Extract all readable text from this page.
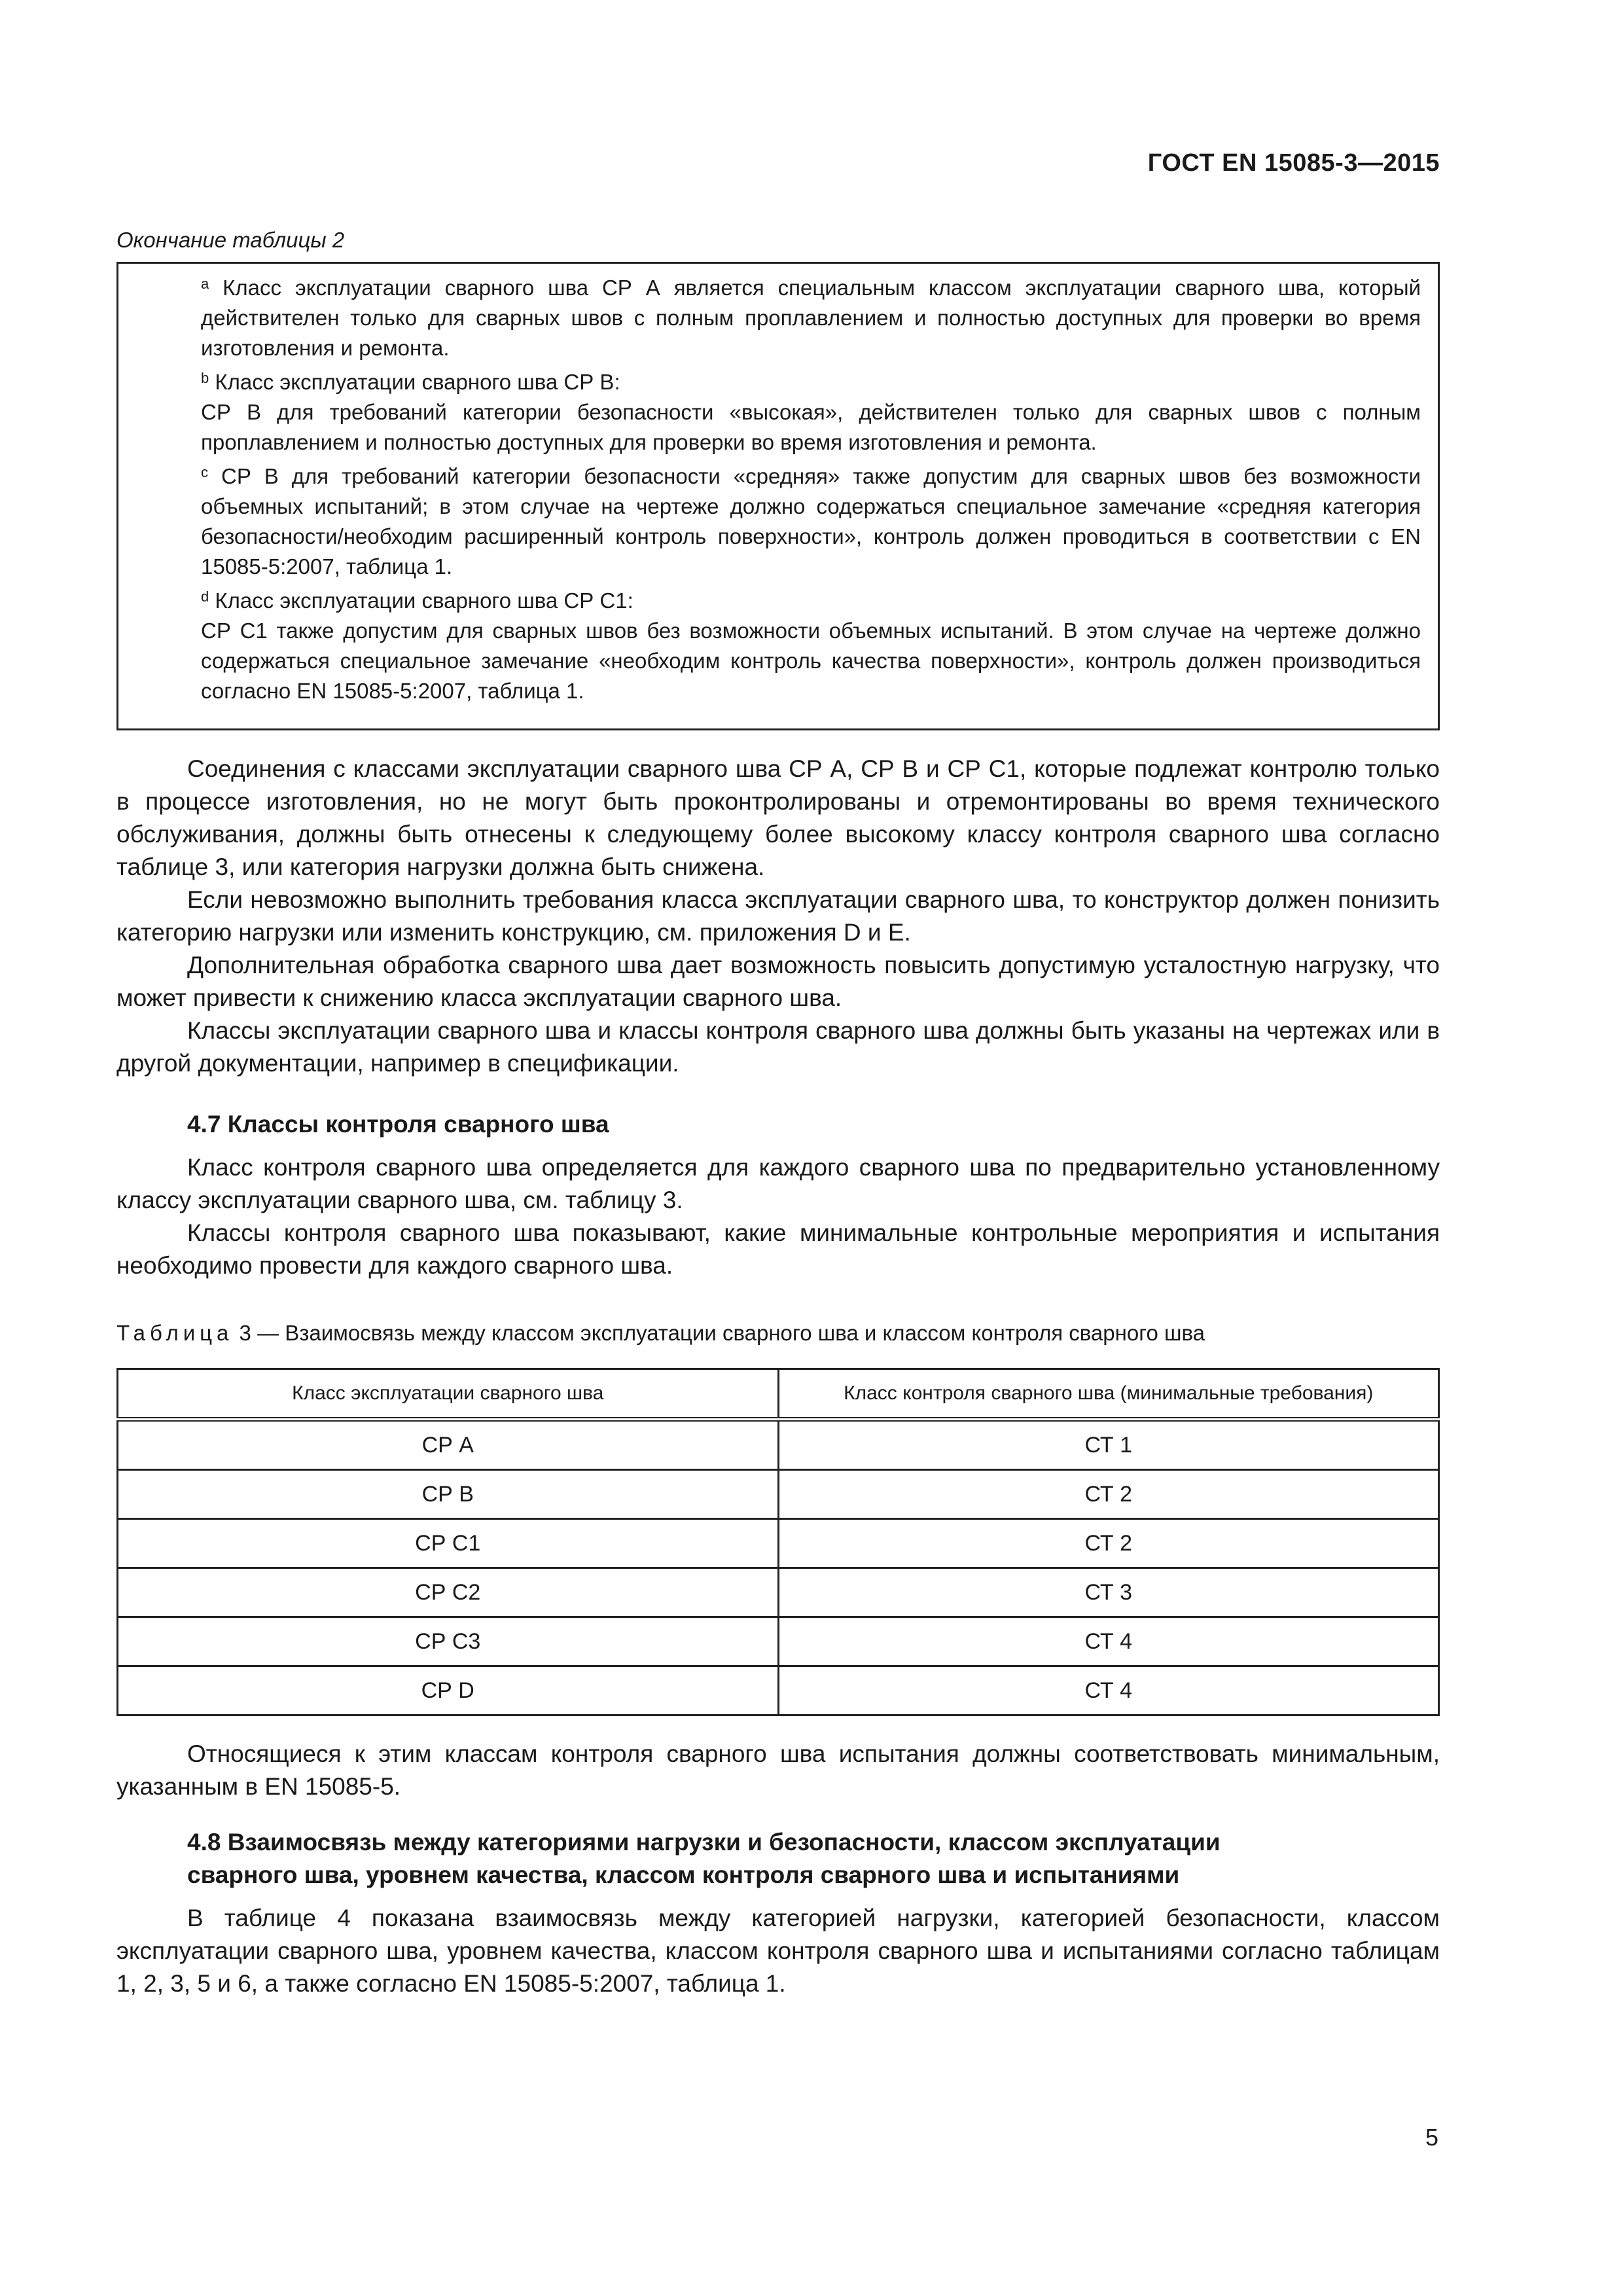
ГОСТ EN 15085-3—2015
Окончание таблицы 2

$^a$ Класс эксплуатации сварного шва СР А является специальным классом эксплуатации сварного шва, который действителен только для сварных швов с полным проплавлением и полностью доступных для проверки во время изготовления и ремонта.

$^b$ Класс эксплуатации сварного шва СР В:
СР В для требований категории безопасности «высокая», действителен только для сварных швов с полным проплавлением и полностью доступных для проверки во время изготовления и ремонта.

$^c$ СР В для требований категории безопасности «средняя» также допустим для сварных швов без возможности объемных испытаний; в этом случае на чертеже должно содержаться специальное замечание «средняя категория безопасности/необходим расширенный контроль поверхности», контроль должен проводиться в соответствии с EN 15085-5:2007, таблица 1.

$^d$ Класс эксплуатации сварного шва СР С1:
СР С1 также допустим для сварных швов без возможности объемных испытаний. В этом случае на чертеже должно содержаться специальное замечание «необходим контроль качества поверхности», контроль должен производиться согласно EN 15085-5:2007, таблица 1.

Соединения с классами эксплуатации сварного шва СР А, СР В и СР С1, которые подлежат контролю только в процессе изготовления, но не могут быть проконтролированы и отремонтированы во время технического обслуживания, должны быть отнесены к следующему более высокому классу контроля сварного шва согласно таблице 3, или категория нагрузки должна быть снижена.

Если невозможно выполнить требования класса эксплуатации сварного шва, то конструктор должен понизить категорию нагрузки или изменить конструкцию, см. приложения D и E.

Дополнительная обработка сварного шва дает возможность повысить допустимую усталостную нагрузку, что может привести к снижению класса эксплуатации сварного шва.

Классы эксплуатации сварного шва и классы контроля сварного шва должны быть указаны на чертежах или в другой документации, например в спецификации.

4.7 Классы контроля сварного шва

Класс контроля сварного шва определяется для каждого сварного шва по предварительно установленному классу эксплуатации сварного шва, см. таблицу 3.

Классы контроля сварного шва показывают, какие минимальные контрольные мероприятия и испытания необходимо провести для каждого сварного шва.

Таблица 3 — Взаимосвязь между классом эксплуатации сварного шва и классом контроля сварного шва
Класс эксплуатации сварного шва	Класс контроля сварного шва (минимальные требования)
СР А	СТ 1
СР В	СТ 2
СР С1	СТ 2
СР С2	СТ 3
СР С3	СТ 4
СР D	СТ 4

Относящиеся к этим классам контроля сварного шва испытания должны соответствовать минимальным, указанным в EN 15085-5.

4.8 Взаимосвязь между категориями нагрузки и безопасности, классом эксплуатации

сварного шва, уровнем качества, классом контроля сварного шва и испытаниями

В таблице 4 показана взаимосвязь между категорией нагрузки, категорией безопасности, классом эксплуатации сварного шва, уровнем качества, классом контроля сварного шва и испытаниями согласно таблицам 1, 2, 3, 5 и 6, а также согласно EN 15085-5:2007, таблица 1.

5
